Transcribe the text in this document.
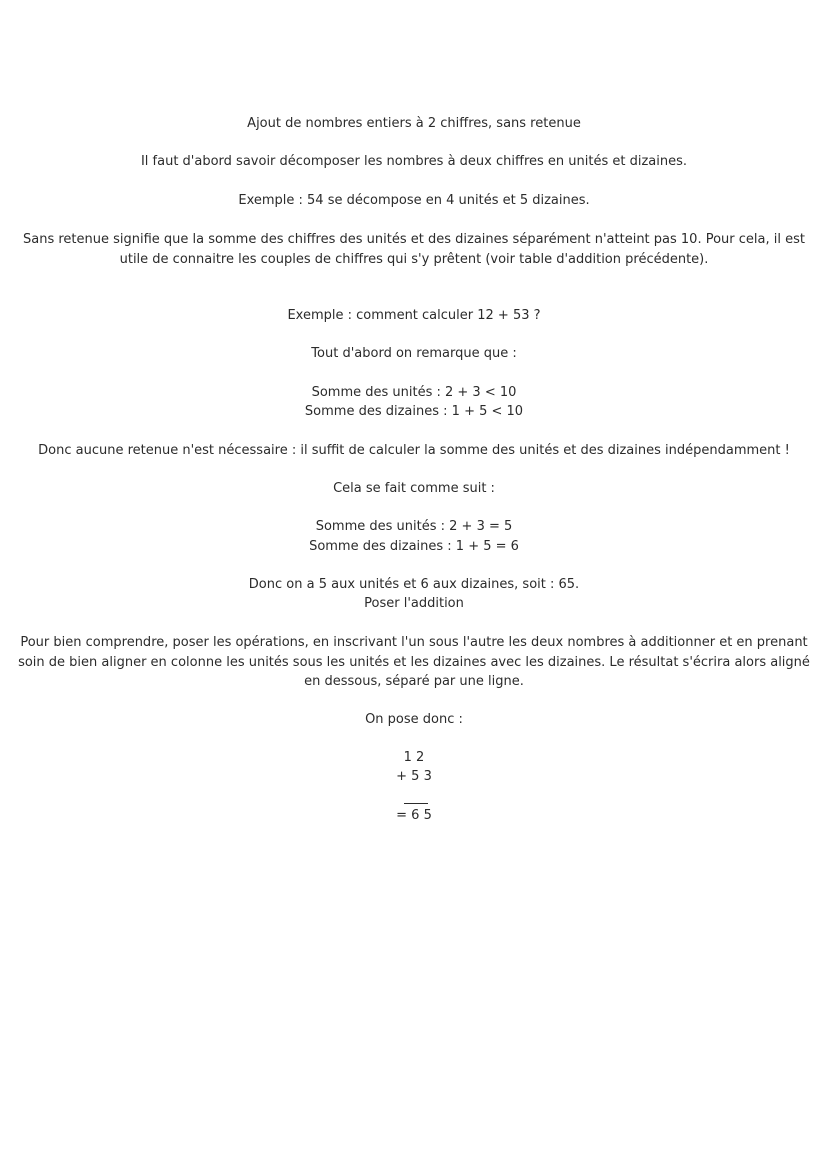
Ajout de nombres entiers à 2 chiffres, sans retenue
Il faut d'abord savoir décomposer les nombres à deux chiffres en unités et dizaines.
Exemple : 54 se décompose en 4 unités et 5 dizaines.
Sans retenue signifie que la somme des chiffres des unités et des dizaines séparément n'atteint pas 10. Pour cela, il est utile de connaitre les couples de chiffres qui s'y prêtent (voir table d'addition précédente).
Exemple : comment calculer 12 + 53 ?
Tout d'abord on remarque que :
Somme des unités : 2 + 3 < 10
Somme des dizaines : 1 + 5 < 10
Donc aucune retenue n'est nécessaire : il suffit de calculer la somme des unités et des dizaines indépendamment !
Cela se fait comme suit :
Somme des unités : 2 + 3 = 5
Somme des dizaines : 1 + 5 = 6
Donc on a 5 aux unités et 6 aux dizaines, soit : 65.
Poser l'addition
Pour bien comprendre, poser les opérations, en inscrivant l'un sous l'autre les deux nombres à additionner et en prenant soin de bien aligner en colonne les unités sous les unités et les dizaines avec les dizaines. Le résultat s'écrira alors aligné en dessous, séparé par une ligne.
On pose donc :
1 2
+ 5 3
= 6 5
